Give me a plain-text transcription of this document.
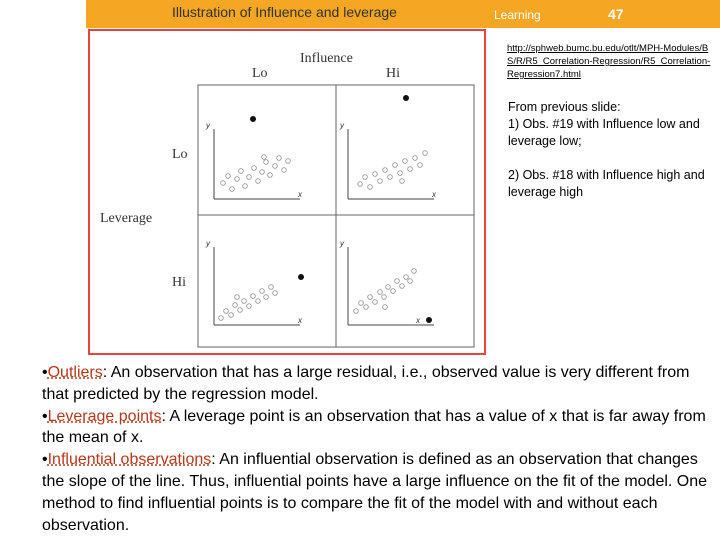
Illustration of Influence and leverage	Learning	47
Influence
Lo	Hi
Lo
Leverage
Hi
y
x
y
x
y
x
y
x
http://sphweb.bumc.bu.edu/otlt/MPH-Modules/BS/R/R5_Correlation-Regression/R5_Correlation-Regression7.html
From previous slide:
1) Obs. #19 with Influence low and leverage low;
2) Obs. #18 with Influence high and leverage high

•Outliers: An observation that has a large residual, i.e., observed value is very different from that predicted by the regression model.

•Leverage points: A leverage point is an observation that has a value of x that is far away from the mean of x.

•Influential observations: An influential observation is defined as an observation that changes the slope of the line. Thus, influential points have a large influence on the fit of the model. One method to find influential points is to compare the fit of the model with and without each observation.
